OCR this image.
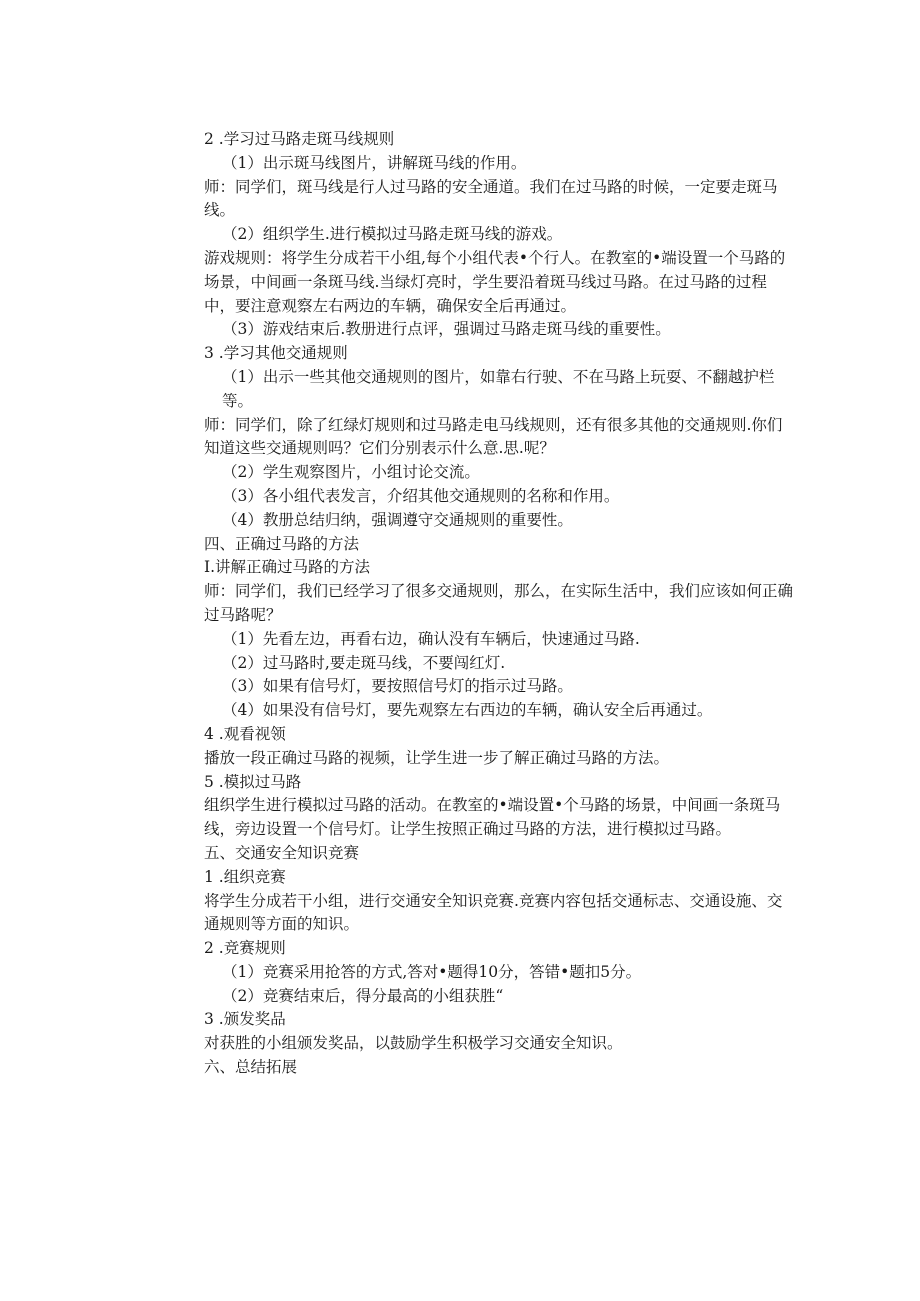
2 .学习过马路走斑马线规则

（1）出示斑马线图片，讲解斑马线的作用。

师：同学们，斑马线是行人过马路的安全通道。我们在过马路的时候，一定要走斑马线。

（2）组织学生.进行模拟过马路走斑马线的游戏。

游戏规则：将学生分成若干小组,每个小组代表•个行人。在教室的•端设置一个马路的场景，中间画一条斑马线.当绿灯亮时，学生要沿着斑马线过马路。在过马路的过程中，要注意观察左右两边的车辆，确保安全后再通过。

（3）游戏结束后.教册进行点评，强调过马路走斑马线的重要性。

3 .学习其他交通规则

（1）出示一些其他交通规则的图片，如靠右行驶、不在马路上玩耍、不翻越护栏等。

师：同学们，除了红绿灯规则和过马路走电马线规则，还有很多其他的交通规则.你们知道这些交通规则吗？它们分别表示什么意.思.呢？

（2）学生观察图片，小组讨论交流。

（3）各小组代表发言，介绍其他交通规则的名称和作用。

（4）教册总结归纳，强调遵守交通规则的重要性。

四、正确过马路的方法

I.讲解正确过马路的方法

师：同学们，我们已经学习了很多交通规则，那么，在实际生活中，我们应该如何正确过马路呢？

（1）先看左边，再看右边，确认没有车辆后，快速通过马路.

（2）过马路时,要走斑马线，不要闯红灯.

（3）如果有信号灯，要按照信号灯的指示过马路。

（4）如果没有信号灯，要先观察左右西边的车辆，确认安全后再通过。

4 .观看视领

播放一段正确过马路的视频，让学生进一步了解正确过马路的方法。

5 .模拟过马路

组织学生进行模拟过马路的活动。在教室的•端设置•个马路的场景，中间画一条斑马线，旁边设置一个信号灯。让学生按照正确过马路的方法，进行模拟过马路。

五、交通安全知识竞赛

1 .组织竞赛

将学生分成若干小组，进行交通安全知识竞赛.竞赛内容包括交通标志、交通设施、交通规则等方面的知识。

2 .竞赛规则

（1）竞赛采用抢答的方式,答对•题得10分，答错•题扣5分。

（2）竞赛结束后，得分最高的小组获胜“

3 .颁发奖品

对获胜的小组颁发奖品，以鼓励学生积极学习交通安全知识。

六、总结拓展
